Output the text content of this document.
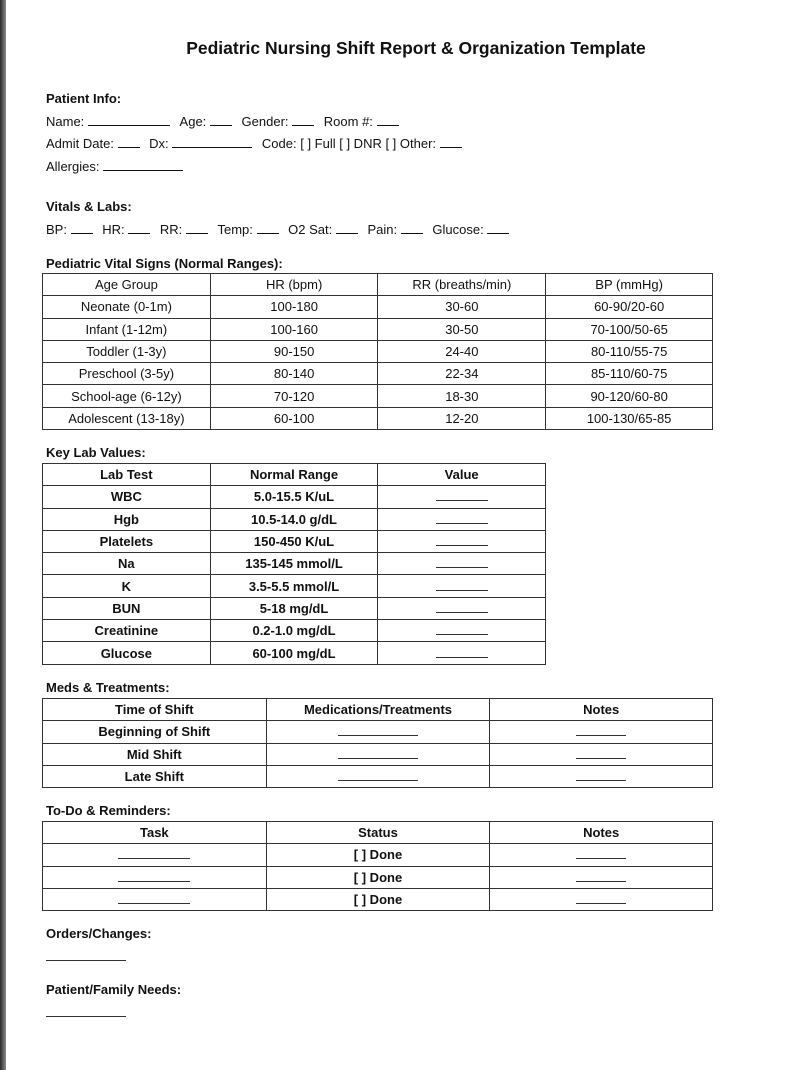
Pediatric Nursing Shift Report & Organization Template
Patient Info:
Name:	Age:	Gender:	Room #:
Admit Date:	Dx:	Code: [ ] Full [ ] DNR [ ] Other:
Allergies:
Vitals & Labs:
BP:	HR:	RR:	Temp:	O2 Sat:	Pain:	Glucose:
Pediatric Vital Signs (Normal Ranges):
Age Group	HR (bpm)	RR (breaths/min)	BP (mmHg)
Neonate (0-1m)	100-180	30-60	60-90/20-60
Infant (1-12m)	100-160	30-50	70-100/50-65
Toddler (1-3y)	90-150	24-40	80-110/55-75
Preschool (3-5y)	80-140	22-34	85-110/60-75
School-age (6-12y)	70-120	18-30	90-120/60-80
Adolescent (13-18y)	60-100	12-20	100-130/65-85
Key Lab Values:
Lab Test	Normal Range	Value
WBC	5.0-15.5 K/uL	
Hgb	10.5-14.0 g/dL	
Platelets	150-450 K/uL	
Na	135-145 mmol/L	
K	3.5-5.5 mmol/L	
BUN	5-18 mg/dL	
Creatinine	0.2-1.0 mg/dL	
Glucose	60-100 mg/dL	
Meds & Treatments:
Time of Shift	Medications/Treatments	Notes
Beginning of Shift		
Mid Shift		
Late Shift		
To-Do & Reminders:
Task	Status	Notes
	[ ] Done	
	[ ] Done	
	[ ] Done	
Orders/Changes:
Patient/Family Needs:
